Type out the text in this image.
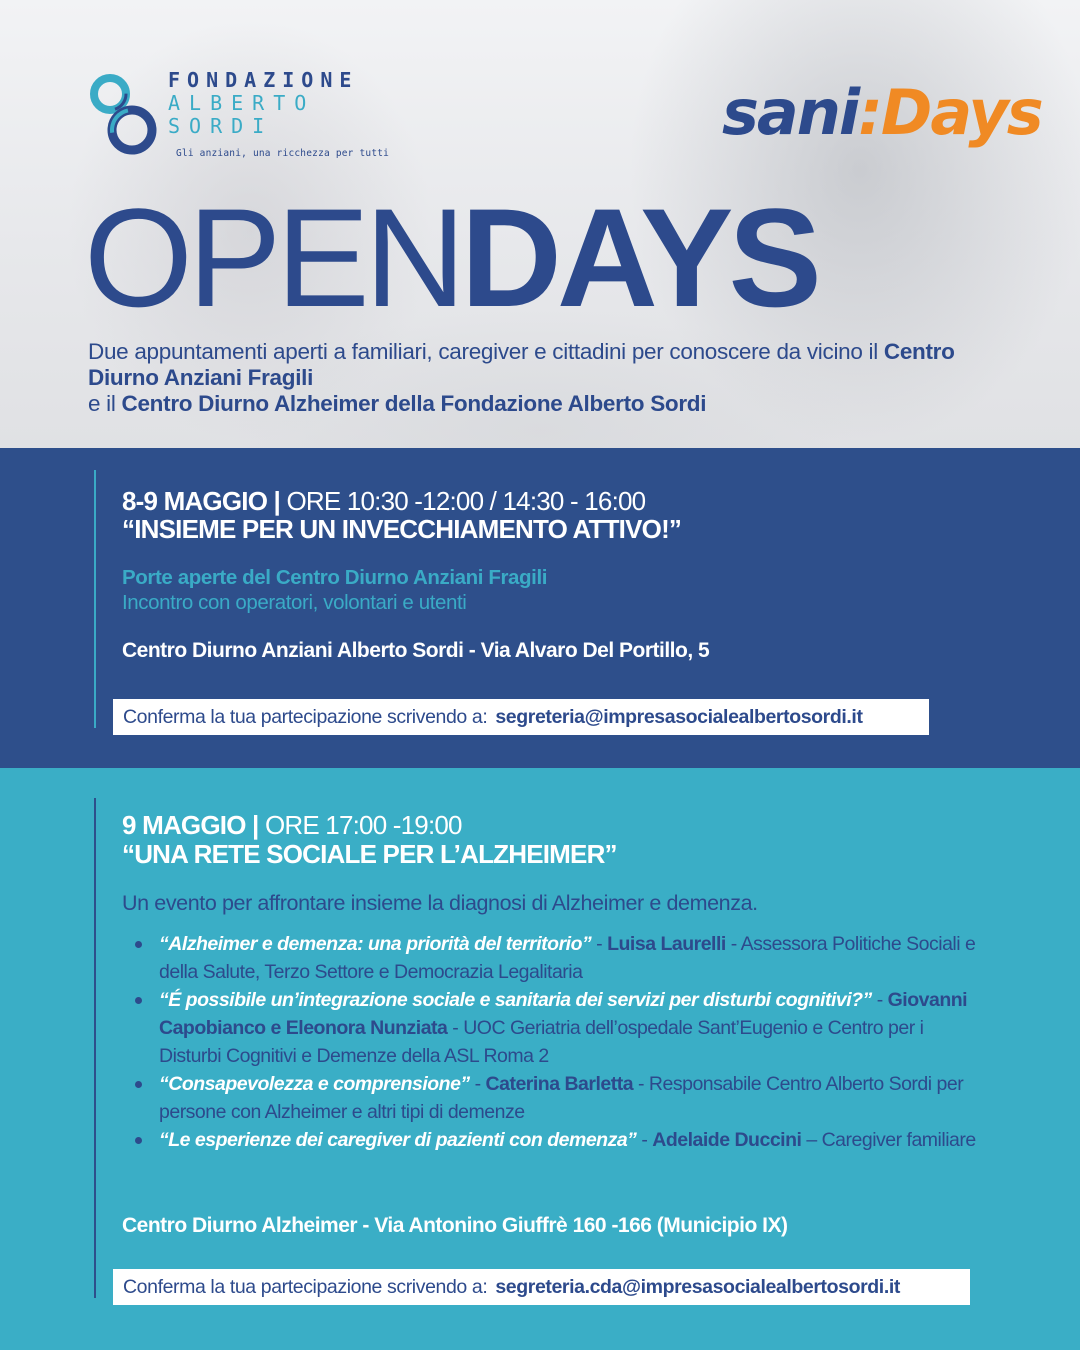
FONDAZIONE
ALBERTO
SORDI
Gli anziani, una ricchezza per tutti
sani:Days
OPENDAYS

Due appuntamenti aperti a familiari, caregiver e cittadini per conoscere da vicino il Centro Diurno Anziani Fragili
e il Centro Diurno Alzheimer della Fondazione Alberto Sordi

8-9 MAGGIO | ORE 10:30 -12:00 / 14:30 - 16:00
“INSIEME PER UN INVECCHIAMENTO ATTIVO!”
Porte aperte del Centro Diurno Anziani Fragili
Incontro con operatori, volontari e utenti
Centro Diurno Anziani Alberto Sordi - Via Alvaro Del Portillo, 5
Conferma la tua partecipazione scrivendo a: segreteria@impresasocialealbertosordi.it
9 MAGGIO | ORE 17:00 -19:00
“UNA RETE SOCIALE PER L’ALZHEIMER”
Un evento per affrontare insieme la diagnosi di Alzheimer e demenza.
“Alzheimer e demenza: una priorità del territorio” - Luisa Laurelli - Assessora Politiche Sociali e della Salute, Terzo Settore e Democrazia Legalitaria
“É possibile un’integrazione sociale e sanitaria dei servizi per disturbi cognitivi?” - Giovanni Capobianco e Eleonora Nunziata - UOC Geriatria dell’ospedale Sant’Eugenio e Centro per i Disturbi Cognitivi e Demenze della ASL Roma 2
“Consapevolezza e comprensione” - Caterina Barletta - Responsabile Centro Alberto Sordi per persone con Alzheimer e altri tipi di demenze
“Le esperienze dei caregiver di pazienti con demenza” - Adelaide Duccini – Caregiver familiare
Centro Diurno Alzheimer - Via Antonino Giuffrè 160 -166 (Municipio IX)
Conferma la tua partecipazione scrivendo a: segreteria.cda@impresasocialealbertosordi.it
